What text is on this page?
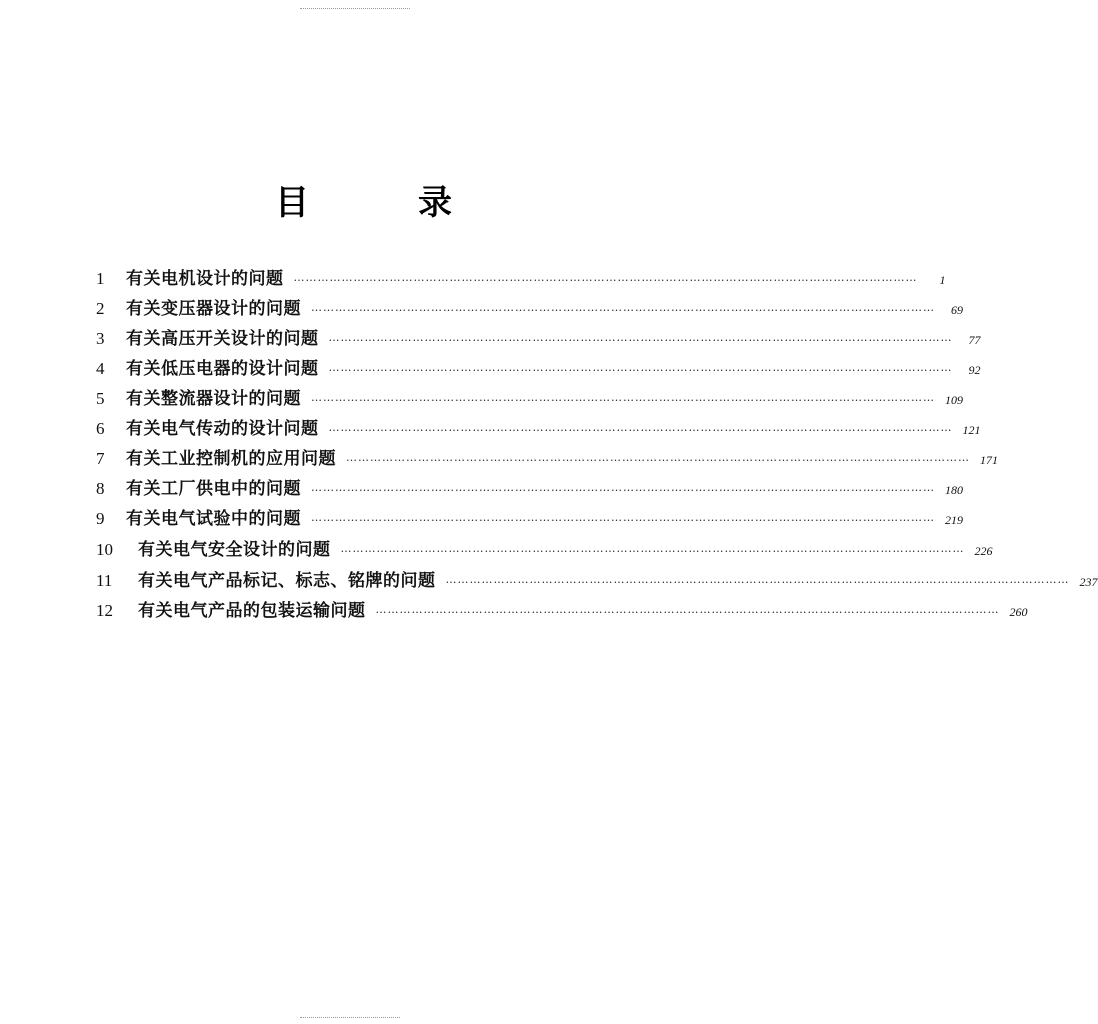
目	录
1	有关电机设计的问题 …………………………………………………………………………………………………………………………………………	1
2	有关变压器设计的问题 …………………………………………………………………………………………………………………………………………	69
3	有关高压开关设计的问题 …………………………………………………………………………………………………………………………………………	77
4	有关低压电器的设计问题 …………………………………………………………………………………………………………………………………………	92
5	有关整流器设计的问题 ………………………………………………………………………………………………………………………………………… 109
6	有关电气传动的设计问题 ………………………………………………………………………………………………………………………………………… 121
7	有关工业控制机的应用问题 ………………………………………………………………………………………………………………………………………… 171
8	有关工厂供电中的问题 ………………………………………………………………………………………………………………………………………… 180
9	有关电气试验中的问题 ………………………………………………………………………………………………………………………………………… 219
10	有关电气安全设计的问题 ………………………………………………………………………………………………………………………………………… 226
11	有关电气产品标记、标志、铭牌的问题 ………………………………………………………………………………………………………………………………………… 237
12	有关电气产品的包装运输问题 ………………………………………………………………………………………………………………………………………… 260
